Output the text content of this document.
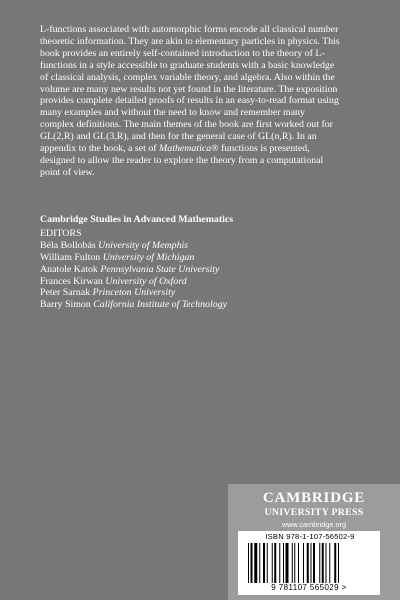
L-functions associated with automorphic forms encode all classical number theoretic information. They are akin to elementary particles in physics. This book provides an entirely self-contained introduction to the theory of L-functions in a style accessible to graduate students with a basic knowledge of classical analysis, complex variable theory, and algebra. Also within the volume are many new results not yet found in the literature. The exposition provides complete detailed proofs of results in an easy-to-read format using many examples and without the need to know and remember many complex definitions. The main themes of the book are first worked out for GL(2,R) and GL(3,R), and then for the general case of GL(n,R). In an appendix to the book, a set of Mathematica® functions is presented, designed to allow the reader to explore the theory from a computational point of view.

Cambridge Studies in Advanced Mathematics

EDITORS

Béla Bollobás University of Memphis

William Fulton University of Michigan

Anatole Katok Pennsylvania State University

Frances Kirwan University of Oxford

Peter Sarnak Princeton University

Barry Simon California Institute of Technology

CAMBRIDGE

UNIVERSITY PRESS

www.cambridge.org

ISBN 978-1-107-56502-9
9 781107 565029 >
